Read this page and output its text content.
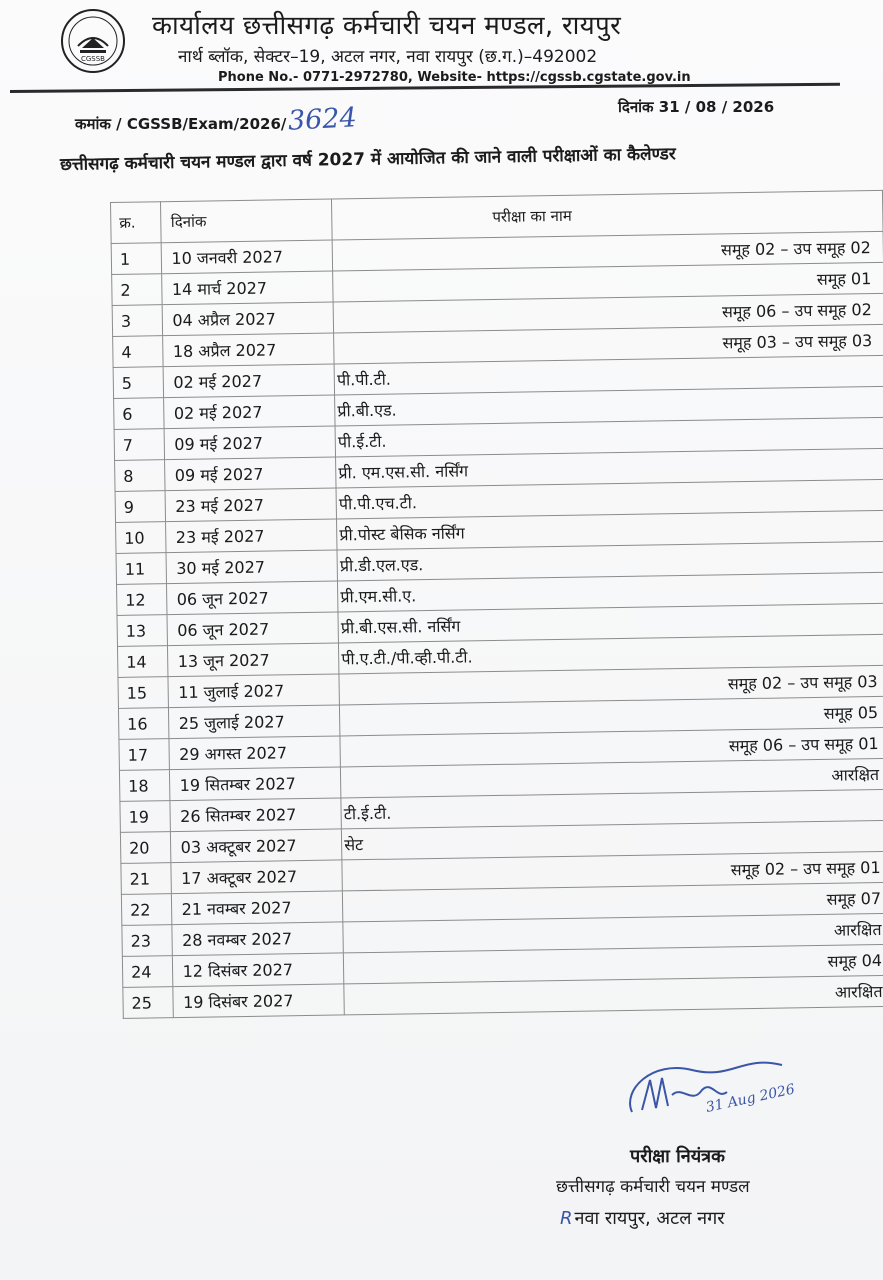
CGSSB
कार्यालय छत्तीसगढ़ कर्मचारी चयन मण्डल, रायपुर
नार्थ ब्लॉक, सेक्टर–19, अटल नगर, नवा रायपुर (छ.ग.)–492002
Phone No.- 0771-2972780, Website- https://cgssb.cgstate.gov.in
कमांक / CGSSB/Exam/2026/ 3624	दिनांक 31 / 08 / 2026
छत्तीसगढ़ कर्मचारी चयन मण्डल द्वारा वर्ष 2027 में आयोजित की जाने वाली परीक्षाओं का कैलेण्डर
क्र.	दिनांक	परीक्षा का नाम
1	10 जनवरी 2027	समूह 02 – उप समूह 02
2	14 मार्च 2027	समूह 01
3	04 अप्रैल 2027	समूह 06 – उप समूह 02
4	18 अप्रैल 2027	समूह 03 – उप समूह 03
5	02 मई 2027	पी.पी.टी.
6	02 मई 2027	प्री.बी.एड.
7	09 मई 2027	पी.ई.टी.
8	09 मई 2027	प्री. एम.एस.सी. नर्सिंग
9	23 मई 2027	पी.पी.एच.टी.
10	23 मई 2027	प्री.पोस्ट बेसिक नर्सिंग
11	30 मई 2027	प्री.डी.एल.एड.
12	06 जून 2027	प्री.एम.सी.ए.
13	06 जून 2027	प्री.बी.एस.सी. नर्सिंग
14	13 जून 2027	पी.ए.टी./पी.व्ही.पी.टी.
15	11 जुलाई 2027	समूह 02 – उप समूह 03
16	25 जुलाई 2027	समूह 05
17	29 अगस्त 2027	समूह 06 – उप समूह 01
18	19 सितम्बर 2027	आरक्षित
19	26 सितम्बर 2027	टी.ई.टी.
20	03 अक्टूबर 2027	सेट
21	17 अक्टूबर 2027	समूह 02 – उप समूह 01
22	21 नवम्बर 2027	समूह 07
23	28 नवम्बर 2027	आरक्षित
24	12 दिसंबर 2027	समूह 04
25	19 दिसंबर 2027	आरक्षित
31 Aug 2026
परीक्षा नियंत्रक
छत्तीसगढ़ कर्मचारी चयन मण्डल
R नवा रायपुर, अटल नगर
